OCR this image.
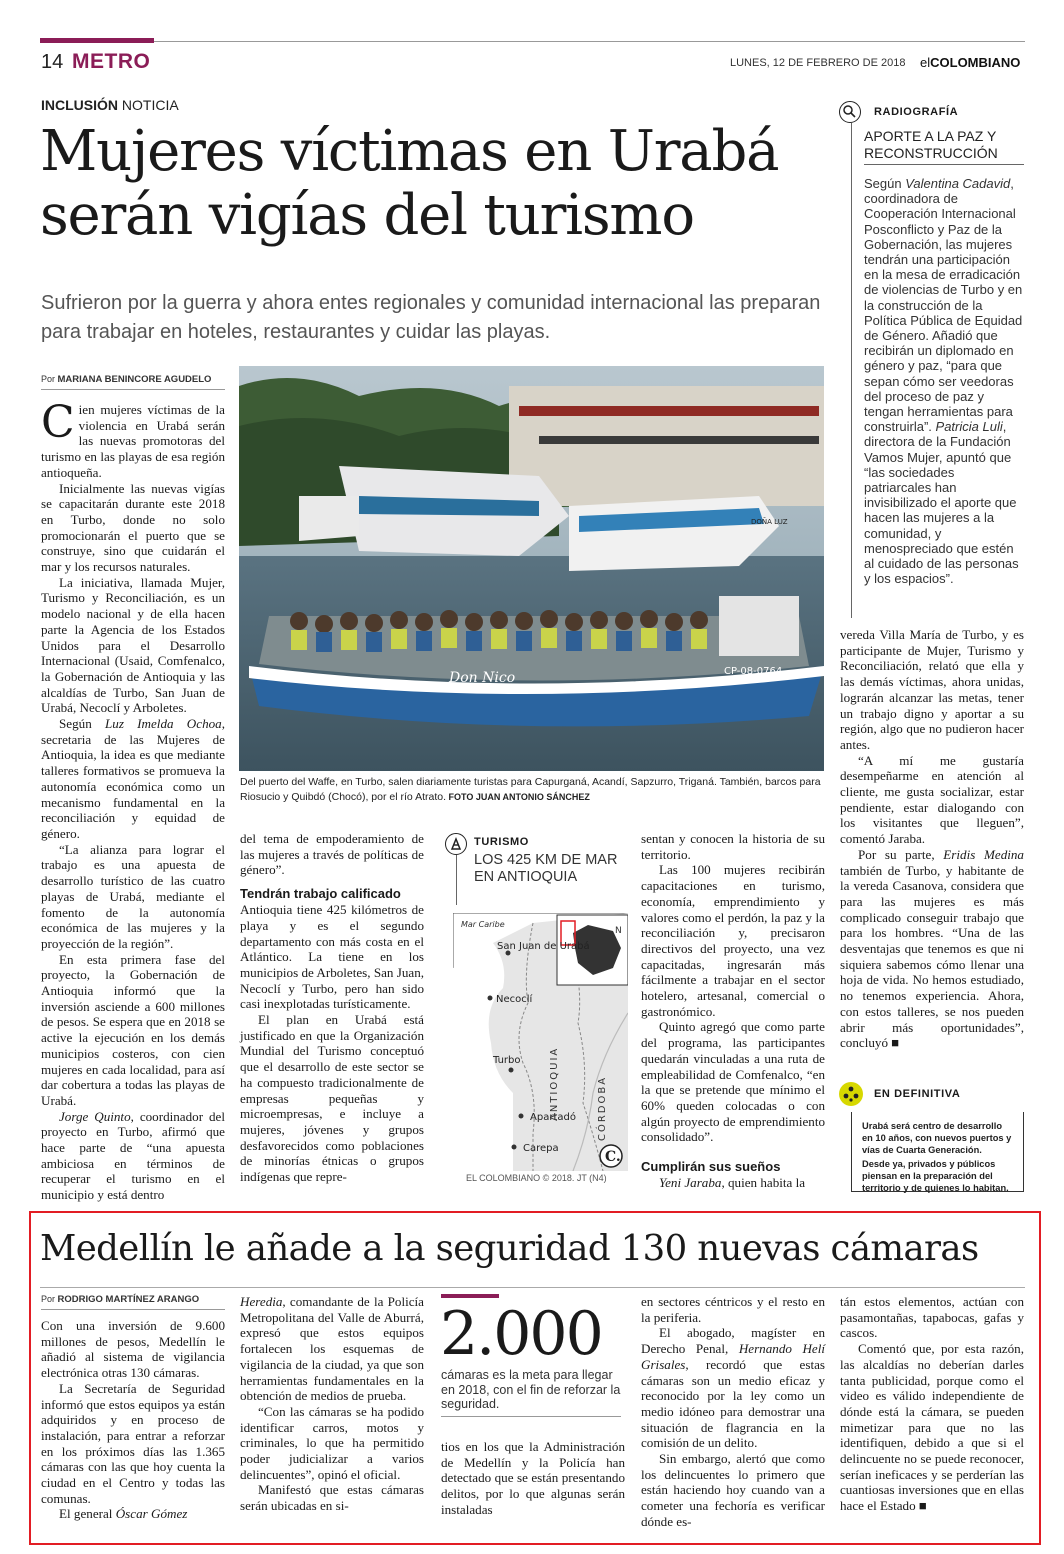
14 METRO	LUNES, 12 DE FEBRERO DE 2018 elCOLOMBIANO
INCLUSIÓN NOTICIA
Mujeres víctimas en Urabá serán vigías del turismo
Sufrieron por la guerra y ahora entes regionales y comunidad internacional las preparan para trabajar en hoteles, restaurantes y cuidar las playas.
Por MARIANA BENINCORE AGUDELO

Cien mujeres víctimas de la violencia en Urabá serán las nuevas promotoras del turismo en las playas de esa región antioqueña.

Inicialmente las nuevas vigías se capacitarán durante este 2018 en Turbo, donde no solo promocionarán el puerto que se construye, sino que cuidarán el mar y los recursos naturales.

La iniciativa, llamada Mujer, Turismo y Reconciliación, es un modelo nacional y de ella hacen parte la Agencia de los Estados Unidos para el Desarrollo Internacional (Usaid, Comfenalco, la Gobernación de Antioquia y las alcaldías de Turbo, San Juan de Urabá, Necoclí y Arboletes.

Según Luz Imelda Ochoa, secretaria de las Mujeres de Antioquia, la idea es que mediante talleres formativos se promueva la autonomía económica como un mecanismo fundamental en la reconciliación y equidad de género.

“La alianza para lograr el trabajo es una apuesta de desarrollo turístico de las cuatro playas de Urabá, mediante el fomento de la autonomía económica de las mujeres y la proyección de la región”.

En esta primera fase del proyecto, la Gobernación de Antioquia informó que la inversión asciende a 600 millones de pesos. Se espera que en 2018 se active la ejecución en los demás municipios costeros, con cien mujeres en cada localidad, para así dar cobertura a todas las playas de Urabá.

Jorge Quinto, coordinador del proyecto en Turbo, afirmó que hace parte de “una apuesta ambiciosa en términos de recuperar el turismo en el municipio y está dentro

Don Nico	CP-08-0764
DOÑA LUZ
Del puerto del Waffe, en Turbo, salen diariamente turistas para Capurganá, Acandí, Sapzurro, Triganá. También, barcos para Riosucio y Quibdó (Chocó), por el río Atrato. FOTO JUAN ANTONIO SÁNCHEZ

del tema de empoderamiento de las mujeres a través de políticas de género”.

Tendrán trabajo calificado

Antioquia tiene 425 kilómetros de playa y es el segundo departamento con más costa en el Atlántico. La tiene en los municipios de Arboletes, San Juan, Necoclí y Turbo, pero han sido casi inexplotadas turísticamente.

El plan en Urabá está justificado en que la Organización Mundial del Turismo conceptuó que el desarrollo de este sector se ha compuesto tradicionalmente de empresas pequeñas y microempresas, e incluye a mujeres, jóvenes y grupos desfavorecidos como poblaciones de minorías étnicas o grupos indígenas que repre-

TURISMO
LOS 425 KM DE MAR EN ANTIOQUIA
N
Mar Caribe
San Juan de Urabá
Necoclí
Turbo
Apartadó
Carepa
ANTIOQUIA	CÓRDOBA
C.
EL COLOMBIANO © 2018. JT (N4)

sentan y conocen la historia de su territorio.

Las 100 mujeres recibirán capacitaciones en turismo, economía, emprendimiento y valores como el perdón, la paz y la reconciliación y, precisaron directivos del proyecto, una vez capacitadas, ingresarán más fácilmente a trabajar en el sector hotelero, artesanal, comercial o gastronómico.

Quinto agregó que como parte del programa, las participantes quedarán vinculadas a una ruta de empleabilidad de Comfenalco, “en la que se pretende que mínimo el 60% queden colocadas o con algún proyecto de emprendimiento consolidado”.

Cumplirán sus sueños

Yeni Jaraba, quien habita la

RADIOGRAFÍA
APORTE A LA PAZ Y RECONSTRUCCIÓN
Según Valentina Cadavid, coordinadora de Cooperación Internacional Posconflicto y Paz de la Gobernación, las mujeres tendrán una participación en la mesa de erradicación de violencias de Turbo y en la construcción de la Política Pública de Equidad de Género. Añadió que recibirán un diplomado en género y paz, “para que sepan cómo ser veedoras del proceso de paz y tengan herramientas para construirla”. Patricia Luli, directora de la Fundación Vamos Mujer, apuntó que “las sociedades patriarcales han invisibilizado el aporte que hacen las mujeres a la comunidad, y menospreciado que estén al cuidado de las personas y los espacios”.

vereda Villa María de Turbo, y es participante de Mujer, Turismo y Reconciliación, relató que ella y las demás víctimas, ahora unidas, lograrán alcanzar las metas, tener un trabajo digno y aportar a su región, algo que no pudieron hacer antes.

“A mí me gustaría desempeñarme en atención al cliente, me gusta socializar, estar pendiente, estar dialogando con los visitantes que lleguen”, comentó Jaraba.

Por su parte, Eridis Medina también de Turbo, y habitante de la vereda Casanova, considera que para las mujeres es más complicado conseguir trabajo que para los hombres. “Una de las desventajas que tenemos es que ni siquiera sabemos cómo llenar una hoja de vida. No hemos estudiado, no tenemos experiencia. Ahora, con estos talleres, se nos pueden abrir más oportunidades”, concluyó ■

EN DEFINITIVA
Urabá será centro de desarrollo en 10 años, con nuevos puertos y vías de Cuarta Generación.
Desde ya, privados y públicos piensan en la preparación del territorio y de quienes lo habitan.
Medellín le añade a la seguridad 130 nuevas cámaras
Por RODRIGO MARTÍNEZ ARANGO

Con una inversión de 9.600 millones de pesos, Medellín le añadió al sistema de vigilancia electrónica otras 130 cámaras.

La Secretaría de Seguridad informó que estos equipos ya están adquiridos y en proceso de instalación, para entrar a reforzar en los próximos días las 1.365 cámaras con las que hoy cuenta la ciudad en el Centro y todas las comunas.

El general Óscar Gómez

Heredia, comandante de la Policía Metropolitana del Valle de Aburrá, expresó que estos equipos fortalecen los esquemas de vigilancia de la ciudad, ya que son herramientas fundamentales en la obtención de medios de prueba.

“Con las cámaras se ha podido identificar carros, motos y criminales, lo que ha permitido poder judicializar a varios delincuentes”, opinó el oficial.

Manifestó que estas cámaras serán ubicadas en si-

2.000
cámaras es la meta para llegar en 2018, con el fin de reforzar la seguridad.

tios en los que la Administración de Medellín y la Policía han detectado que se están presentando delitos, por lo que algunas serán instaladas

en sectores céntricos y el resto en la periferia.

El abogado, magíster en Derecho Penal, Hernando Helí Grisales, recordó que estas cámaras son un medio eficaz y reconocido por la ley como un medio idóneo para demostrar una situación de flagrancia en la comisión de un delito.

Sin embargo, alertó que como los delincuentes lo primero que están haciendo hoy cuando van a cometer una fechoría es verificar dónde es-

tán estos elementos, actúan con pasamontañas, tapabocas, gafas y cascos.

Comentó que, por esta razón, las alcaldías no deberían darles tanta publicidad, porque como el video es válido independiente de dónde está la cámara, se pueden mimetizar para que no las identifiquen, debido a que si el delincuente no se puede reconocer, serían ineficaces y se perderían las cuantiosas inversiones que en ellas hace el Estado ■
